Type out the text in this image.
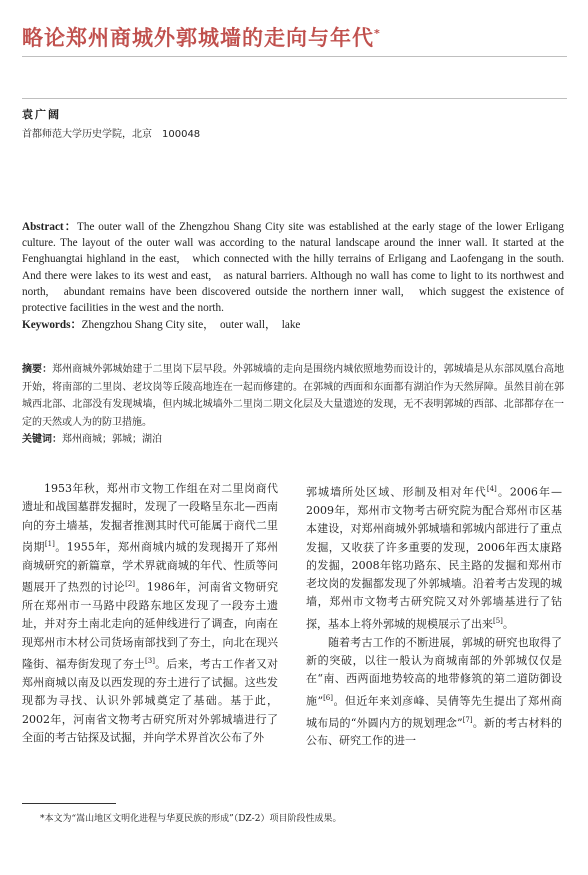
略论郑州商城外郭城墙的走向与年代*
袁广阔
首都师范大学历史学院，北京　100048
Abstract：The outer wall of the Zhengzhou Shang City site was established at the early stage of the lower Erligang culture. The layout of the outer wall was according to the natural landscape around the inner wall. It started at the Fenghuangtai highland in the east,　which connected with the hilly terrains of Erligang and Laofengang in the south. And there were lakes to its west and east,　as natural barriers. Although no wall has come to light to its northwest and north,　abundant remains have been discovered outside the northern inner wall,　which suggest the existence of protective facilities in the west and the north.
Keywords：Zhengzhou Shang City site，　outer wall，　lake
摘要：郑州商城外郭城始建于二里岗下层早段。外郭城墙的走向是围绕内城依照地势而设计的，郭城墙是从东部凤凰台高地开始，将南部的二里岗、老坟岗等丘陵高地连在一起而修建的。在郭城的西面和东面都有湖泊作为天然屏障。虽然目前在郭城西北部、北部没有发现城墙，但内城北城墙外二里岗二期文化层及大量遗迹的发现，无不表明郭城的西部、北部都存在一定的天然或人为的防卫措施。
关键词：郑州商城；郭城；湖泊

1953年秋，郑州市文物工作组在对二里岗商代遗址和战国墓群发掘时，发现了一段略呈东北—西南向的夯土墙基，发掘者推测其时代可能属于商代二里岗期[1]。1955年，郑州商城内城的发现揭开了郑州商城研究的新篇章，学术界就商城的年代、性质等问题展开了热烈的讨论[2]。1986年，河南省文物研究所在郑州市一马路中段路东地区发现了一段夯土遗址，并对夯土南北走向的延伸线进行了调查，向南在现郑州市木材公司货场南部找到了夯土，向北在现兴隆街、福寿街发现了夯土[3]。后来，考古工作者又对郑州商城以南及以西发现的夯土进行了试掘。这些发现都为寻找、认识外郭城奠定了基础。基于此，2002年，河南省文物考古研究所对外郭城墙进行了全面的考古钻探及试掘，并向学术界首次公布了外

郭城墙所处区域、形制及相对年代[4]。2006年—2009年，郑州市文物考古研究院为配合郑州市区基本建设，对郑州商城外郭城墙和郭城内部进行了重点发掘，又收获了许多重要的发现，2006年西太康路的发掘，2008年铭功路东、民主路的发掘和郑州市老坟岗的发掘都发现了外郭城墙。沿着考古发现的城墙，郑州市文物考古研究院又对外郭墙基进行了钻探，基本上将外郭城的规模展示了出来[5]。

随着考古工作的不断进展，郭城的研究也取得了新的突破，以往一般认为商城南部的外郭城仅仅是在“南、西两面地势较高的地带修筑的第二道防御设施”[6]。但近年来刘彦峰、吴倩等先生提出了郑州商城布局的“外圆内方的规划理念”[7]。新的考古材料的公布、研究工作的进一

*本文为“嵩山地区文明化进程与华夏民族的形成”（DZ-2）项目阶段性成果。
